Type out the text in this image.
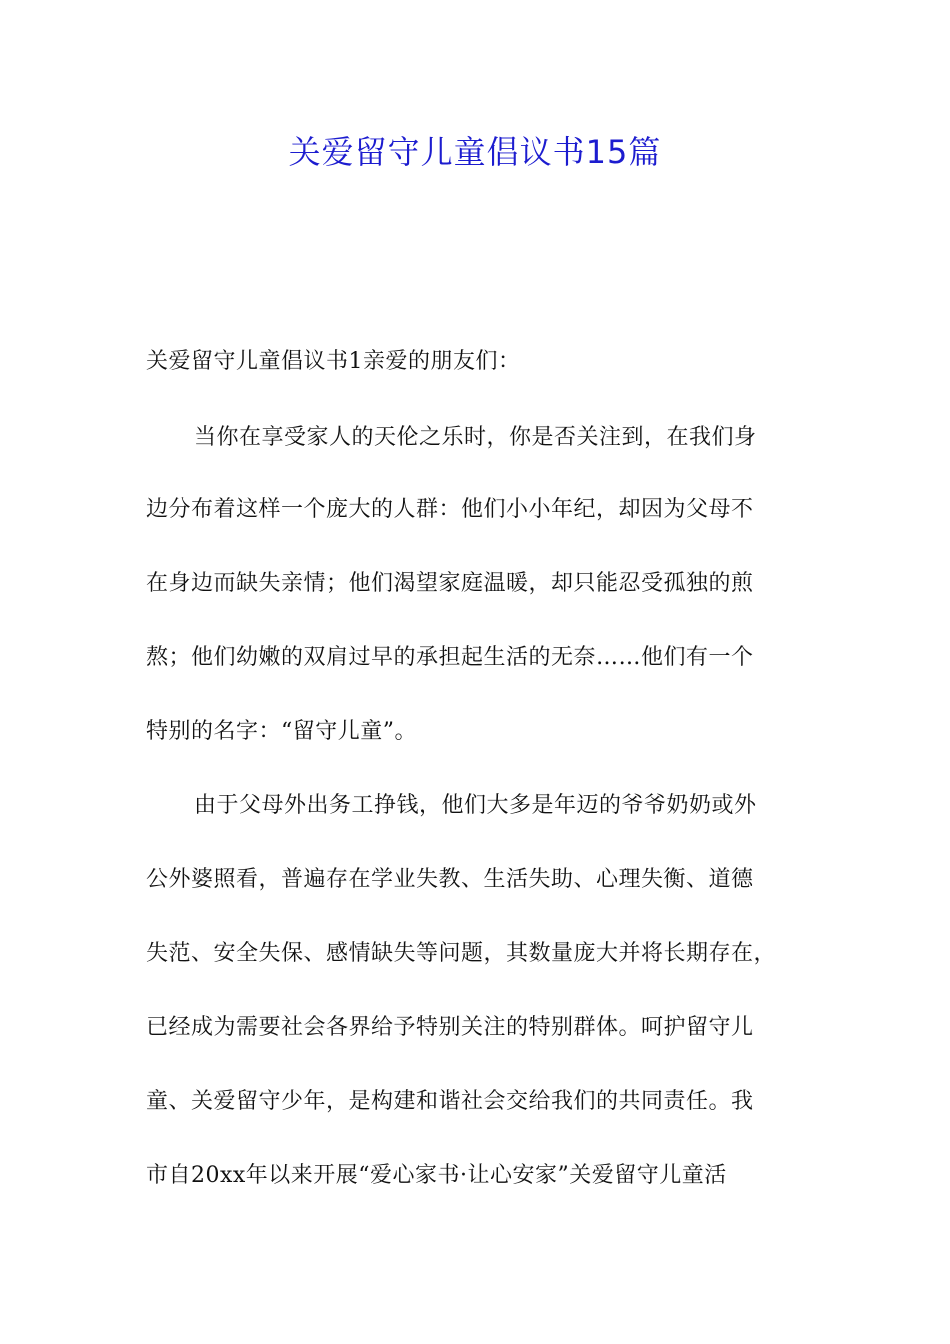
关爱留守儿童倡议书15篇
关爱留守儿童倡议书1亲爱的朋友们：
当你在享受家人的天伦之乐时，你是否关注到，在我们身
边分布着这样一个庞大的人群：他们小小年纪，却因为父母不
在身边而缺失亲情；他们渴望家庭温暖，却只能忍受孤独的煎
熬；他们幼嫩的双肩过早的承担起生活的无奈……他们有一个
特别的名字：“留守儿童”。
由于父母外出务工挣钱，他们大多是年迈的爷爷奶奶或外
公外婆照看，普遍存在学业失教、生活失助、心理失衡、道德
失范、安全失保、感情缺失等问题，其数量庞大并将长期存在，
已经成为需要社会各界给予特别关注的特别群体。呵护留守儿
童、关爱留守少年，是构建和谐社会交给我们的共同责任。我
市自20xx年以来开展“爱心家书·让心安家”关爱留守儿童活
